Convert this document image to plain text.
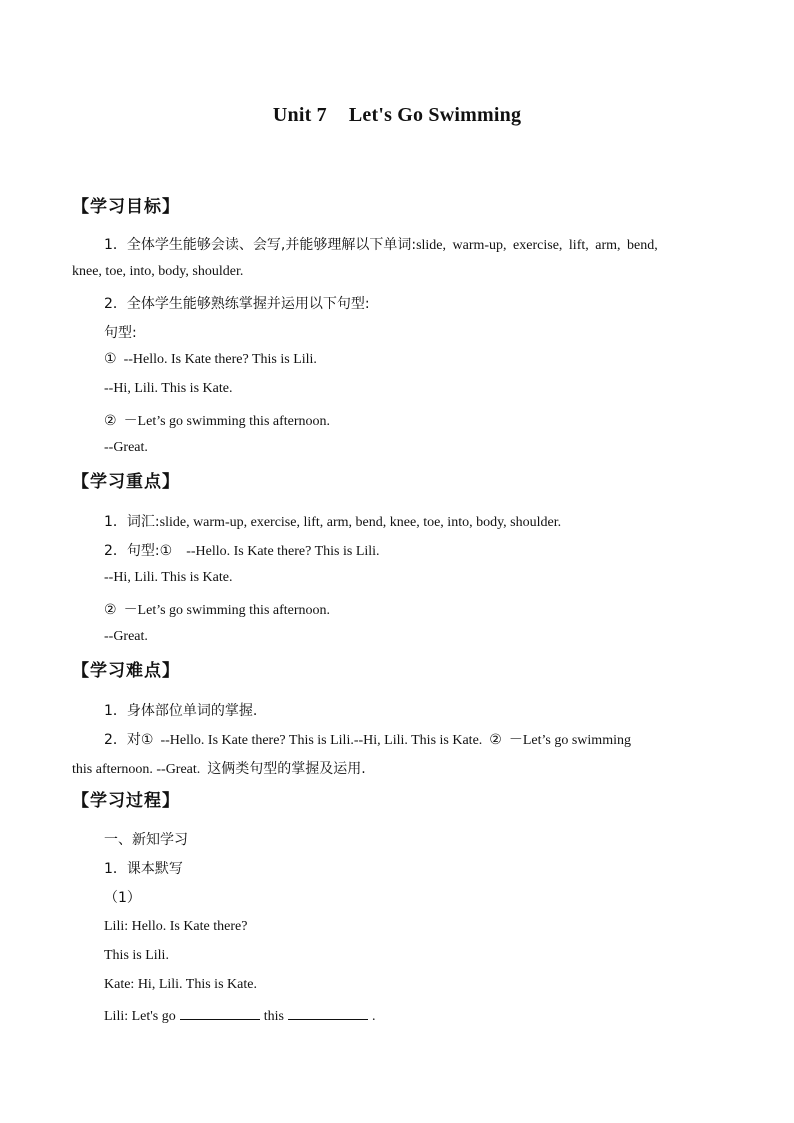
Unit 7 Let's Go Swimming
【学习目标】
1．全体学生能够会读、会写,并能够理解以下单词:slide, warm-up, exercise, lift, arm, bend,
knee, toe, into, body, shoulder.
2．全体学生能够熟练掌握并运用以下句型:
句型:
① --Hello. Is Kate there? This is Lili.
--Hi, Lili. This is Kate.
② －Let’s go swimming this afternoon.
--Great.
【学习重点】
1．词汇:slide, warm-up, exercise, lift, arm, bend, knee, toe, into, body, shoulder.
2．句型:① --Hello. Is Kate there? This is Lili.
--Hi, Lili. This is Kate.
② －Let’s go swimming this afternoon.
--Great.
【学习难点】
1．身体部位单词的掌握.
2．对① --Hello. Is Kate there? This is Lili.--Hi, Lili. This is Kate. ② －Let’s go swimming
this afternoon. --Great. 这俩类句型的掌握及运用.
【学习过程】
一、新知学习
1．课本默写
（1）
Lili: Hello. Is Kate there?
This is Lili.
Kate: Hi, Lili. This is Kate.
Lili: Let's go	this	.
